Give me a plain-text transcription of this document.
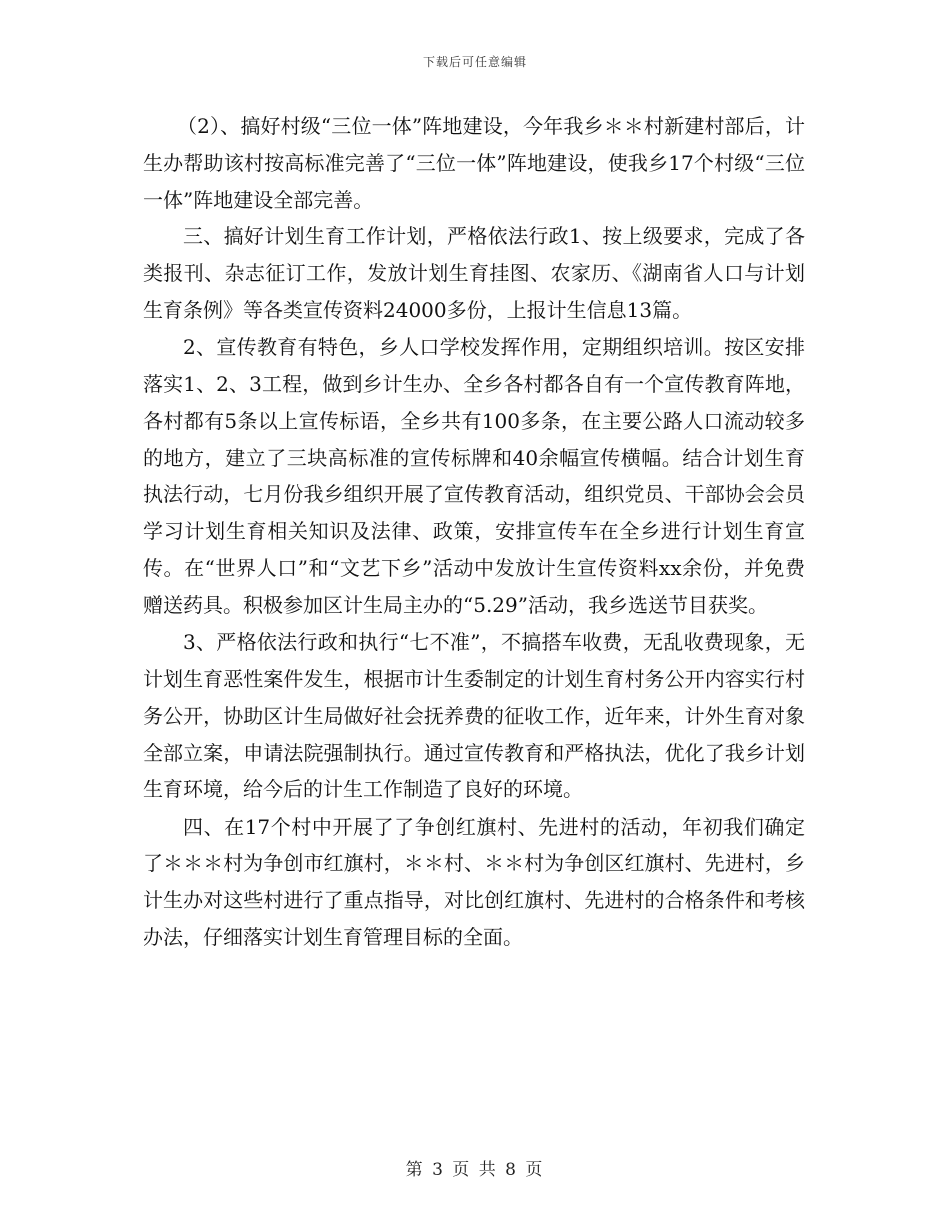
下载后可任意编辑

（2）、搞好村级“三位一体”阵地建设，今年我乡＊＊村新建村部后，计生办帮助该村按高标准完善了“三位一体”阵地建设，使我乡17个村级“三位一体”阵地建设全部完善。

三、搞好计划生育工作计划，严格依法行政1、按上级要求，完成了各类报刊、杂志征订工作，发放计划生育挂图、农家历、《湖南省人口与计划生育条例》等各类宣传资料24000多份，上报计生信息13篇。

2、宣传教育有特色，乡人口学校发挥作用，定期组织培训。按区安排落实1、2、3工程，做到乡计生办、全乡各村都各自有一个宣传教育阵地，各村都有5条以上宣传标语，全乡共有100多条，在主要公路人口流动较多的地方，建立了三块高标准的宣传标牌和40余幅宣传横幅。结合计划生育执法行动，七月份我乡组织开展了宣传教育活动，组织党员、干部协会会员学习计划生育相关知识及法律、政策，安排宣传车在全乡进行计划生育宣传。在“世界人口”和“文艺下乡”活动中发放计生宣传资料xx余份，并免费赠送药具。积极参加区计生局主办的“5.29”活动，我乡选送节目获奖。

3、严格依法行政和执行“七不准”，不搞搭车收费，无乱收费现象，无计划生育恶性案件发生，根据市计生委制定的计划生育村务公开内容实行村务公开，协助区计生局做好社会抚养费的征收工作，近年来，计外生育对象全部立案，申请法院强制执行。通过宣传教育和严格执法，优化了我乡计划生育环境，给今后的计生工作制造了良好的环境。

四、在17个村中开展了了争创红旗村、先进村的活动，年初我们确定了＊＊＊村为争创市红旗村，＊＊村、＊＊村为争创区红旗村、先进村，乡计生办对这些村进行了重点指导，对比创红旗村、先进村的合格条件和考核办法，仔细落实计划生育管理目标的全面。

第 3 页 共 8 页
